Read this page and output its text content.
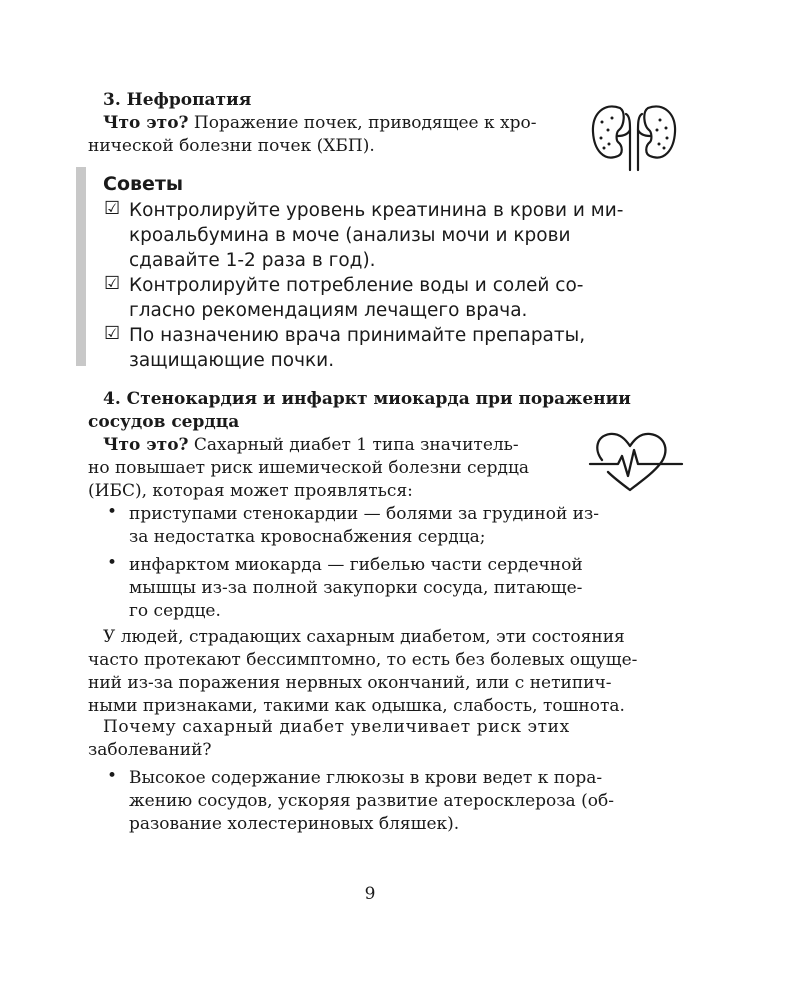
3. Нефропатия
Что это? Поражение почек, приводящее к хро-
нической болезни почек (ХБП).
Советы
☑ Контролируйте уровень креатинина в крови и ми-
кроальбумина в моче (анализы мочи и крови
сдавайте 1-2 раза в год).
☑ Контролируйте потребление воды и солей со-
гласно рекомендациям лечащего врача.
☑ По назначению врача принимайте препараты,
защищающие почки.
4. Стенокардия и инфаркт миокарда при поражении
сосудов сердца
Что это? Сахарный диабет 1 типа значитель-
но повышает риск ишемической болезни сердца
(ИБС), которая может проявляться:
• приступами стенокардии — болями за грудиной из-
за недостатка кровоснабжения сердца;
• инфарктом миокарда — гибелью части сердечной
мышцы из-за полной закупорки сосуда, питающе-
го сердце.
У людей, страдающих сахарным диабетом, эти состояния
часто протекают бессимптомно, то есть без болевых ощуще-
ний из-за поражения нервных окончаний, или с нетипич-
ными признаками, такими как одышка, слабость, тошнота.
Почему сахарный диабет увеличивает риск этих
заболеваний?
• Высокое содержание глюкозы в крови ведет к пора-
жению сосудов, ускоряя развитие атеросклероза (об-
разование холестериновых бляшек).
9
